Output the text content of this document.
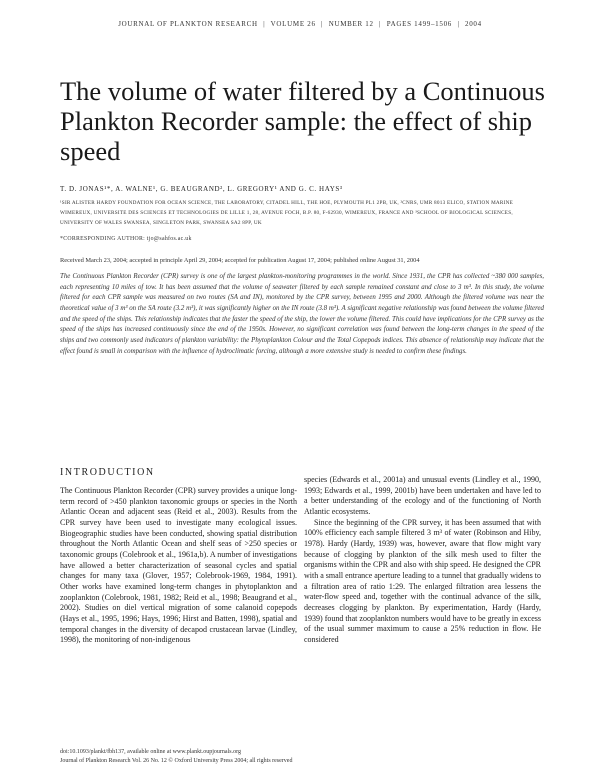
JOURNAL OF PLANKTON RESEARCH | VOLUME 26 | NUMBER 12 | PAGES 1499–1506 | 2004
The volume of water filtered by a Continuous Plankton Recorder sample: the effect of ship speed
T. D. JONAS¹*, A. WALNE¹, G. BEAUGRAND², L. GREGORY¹ AND G. C. HAYS³
¹SIR ALISTER HARDY FOUNDATION FOR OCEAN SCIENCE, THE LABORATORY, CITADEL HILL, THE HOE, PLYMOUTH PL1 2PB, UK, ²CNRS, UMR 8013 ELICO, STATION MARINE WIMEREUX, UNIVERSITE DES SCIENCES ET TECHNOLOGIES DE LILLE 1, 28, AVENUE FOCH, B.P. 80, F-62930, WIMEREUX, FRANCE AND ³SCHOOL OF BIOLOGICAL SCIENCES, UNIVERSITY OF WALES SWANSEA, SINGLETON PARK, SWANSEA SA2 8PP, UK
*CORRESPONDING AUTHOR: tjo@sahfos.ac.uk
Received March 23, 2004; accepted in principle April 29, 2004; accepted for publication August 17, 2004; published online August 31, 2004
The Continuous Plankton Recorder (CPR) survey is one of the largest plankton-monitoring programmes in the world. Since 1931, the CPR has collected ~380 000 samples, each representing 10 miles of tow. It has been assumed that the volume of seawater filtered by each sample remained constant and close to 3 m³. In this study, the volume filtered for each CPR sample was measured on two routes (SA and IN), monitored by the CPR survey, between 1995 and 2000. Although the filtered volume was near the theoretical value of 3 m³ on the SA route (3.2 m³), it was significantly higher on the IN route (3.8 m³). A significant negative relationship was found between the volume filtered and the speed of the ships. This relationship indicates that the faster the speed of the ship, the lower the volume filtered. This could have implications for the CPR survey as the speed of the ships has increased continuously since the end of the 1950s. However, no significant correlation was found between the long-term changes in the speed of the ships and two commonly used indicators of plankton variability: the Phytoplankton Colour and the Total Copepods indices. This absence of relationship may indicate that the effect found is small in comparison with the influence of hydroclimatic forcing, although a more extensive study is needed to confirm these findings.
INTRODUCTION

The Continuous Plankton Recorder (CPR) survey provides a unique long-term record of >450 plankton taxonomic groups or species in the North Atlantic Ocean and adjacent seas (Reid et al., 2003). Results from the CPR survey have been used to investigate many ecological issues. Biogeographic studies have been conducted, showing spatial distribution throughout the North Atlantic Ocean and shelf seas of >250 species or taxonomic groups (Colebrook et al., 1961a,b). A number of investigations have allowed a better characterization of seasonal cycles and spatial changes for many taxa (Glover, 1957; Colebrook-1969, 1984, 1991). Other works have examined long-term changes in phytoplankton and zooplankton (Colebrook, 1981, 1982; Reid et al., 1998; Beaugrand et al., 2002). Studies on diel vertical migration of some calanoid copepods (Hays et al., 1995, 1996; Hays, 1996; Hirst and Batten, 1998), spatial and temporal changes in the diversity of decapod crustacean larvae (Lindley, 1998), the monitoring of non-indigenous

species (Edwards et al., 2001a) and unusual events (Lindley et al., 1990, 1993; Edwards et al., 1999, 2001b) have been undertaken and have led to a better understanding of the ecology and of the functioning of North Atlantic ecosystems.

Since the beginning of the CPR survey, it has been assumed that with 100% efficiency each sample filtered 3 m³ of water (Robinson and Hiby, 1978). Hardy (Hardy, 1939) was, however, aware that flow might vary because of clogging by plankton of the silk mesh used to filter the organisms within the CPR and also with ship speed. He designed the CPR with a small entrance aperture leading to a tunnel that gradually widens to a filtration area of ratio 1:29. The enlarged filtration area lessens the water-flow speed and, together with the continual advance of the silk, decreases clogging by plankton. By experimentation, Hardy (Hardy, 1939) found that zooplankton numbers would have to be greatly in excess of the usual summer maximum to cause a 25% reduction in flow. He considered

doi:10.1093/plankt/fbh137, available online at www.plankt.oupjournals.org
Journal of Plankton Research Vol. 26 No. 12 © Oxford University Press 2004; all rights reserved
